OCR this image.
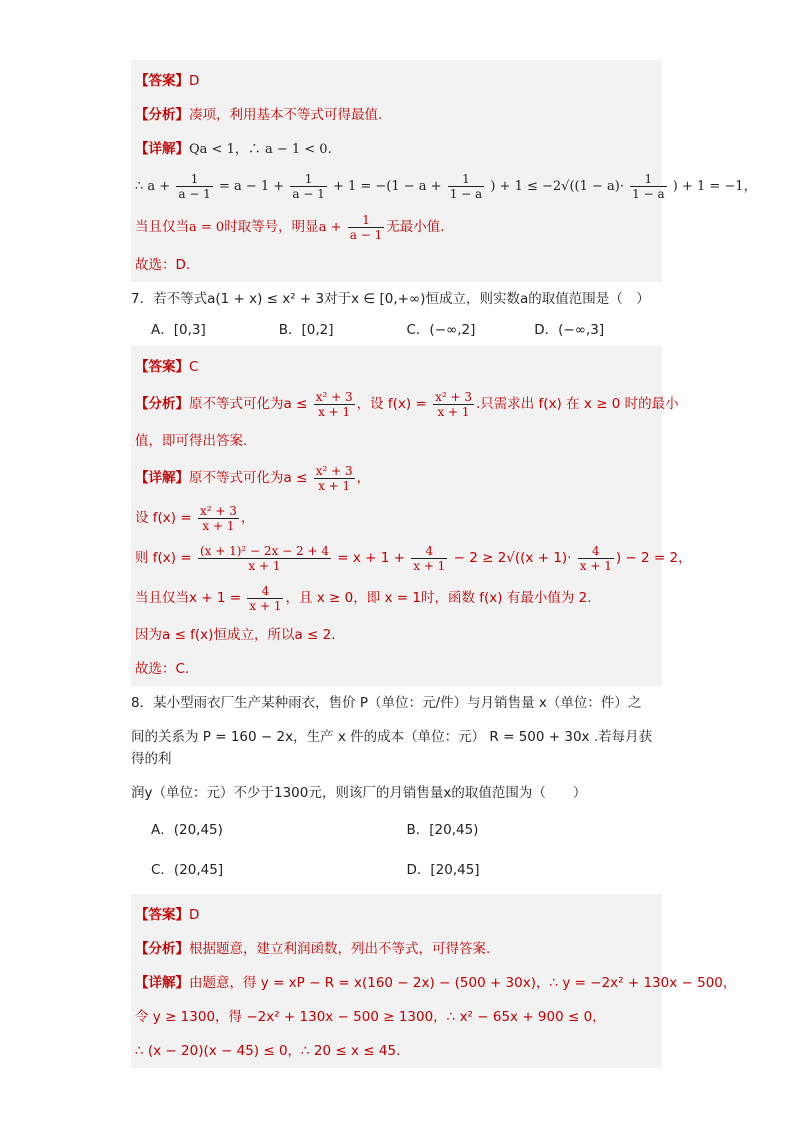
【答案】D
【分析】凑项，利用基本不等式可得最值.
【详解】Qa < 1，∴ a − 1 < 0.
∴ $a + \frac{1}{a - 1} = a - 1 + \frac{1}{a - 1} + 1 = -(1 - a + \frac{1}{1 - a}$ ) + $1 \le -2√((1 - a)\cdot \frac{1}{1 - a}$ ) + 1 = −1，
当且仅当a = 0时取等号，明显$a + \frac{1}{a - 1}$ 无最小值.
故选：D.
7．若不等式a(1 + x) ≤ x² + 3对于x ∈ [0,+∞)恒成立，则实数a的取值范围是（　）
A．[0,3]	B．[0,2]	C．(−∞,2]	D．(−∞,3]
【答案】C
【分析】原不等式可化为$a \le \frac{\text{x² + 3}}{x + 1}$ ，设 $f(x) = \frac{\text{x² + 3}}{x + 1}$ .只需求出 f(x) 在 x ≥ 0 时的最小
值，即可得出答案.
【详解】原不等式可化为$a \le \frac{\text{x² + 3}}{x + 1}$ ，
设 $f(x) = \frac{\text{x² + 3}}{x + 1}$ ，
则 $f(x) = \frac{\text{(x + 1)² − 2x − 2 + 4}}{x + 1} = x + 1 + \frac{4}{x + 1} - 2 \ge 2√((x + 1)\cdot \frac{4}{x + 1}$ ) − 2 = 2，
当且仅当$x + 1 = \frac{4}{x + 1}$ ，且 x ≥ 0，即 x = 1时，函数 f(x) 有最小值为 2.
因为a ≤ f(x)恒成立，所以a ≤ 2.
故选：C.
8．某小型雨衣厂生产某种雨衣，售价 P（单位：元/件）与月销售量 x（单位：件）之
间的关系为 P = 160 − 2x，生产 x 件的成本（单位：元） R = 500 + 30x .若每月获得的利
润y（单位：元）不少于1300元，则该厂的月销售量x的取值范围为（　　）
A．(20,45)	B．[20,45)
C．(20,45]	D．[20,45]
【答案】D
【分析】根据题意，建立利润函数，列出不等式，可得答案.
【详解】由题意，得 y = xP − R = x(160 − 2x) − (500 + 30x)，∴ y = −2x² + 130x − 500，
令 y ≥ 1300，得 −2x² + 130x − 500 ≥ 1300，∴ x² − 65x + 900 ≤ 0，
∴ (x − 20)(x − 45) ≤ 0，∴ 20 ≤ x ≤ 45.
